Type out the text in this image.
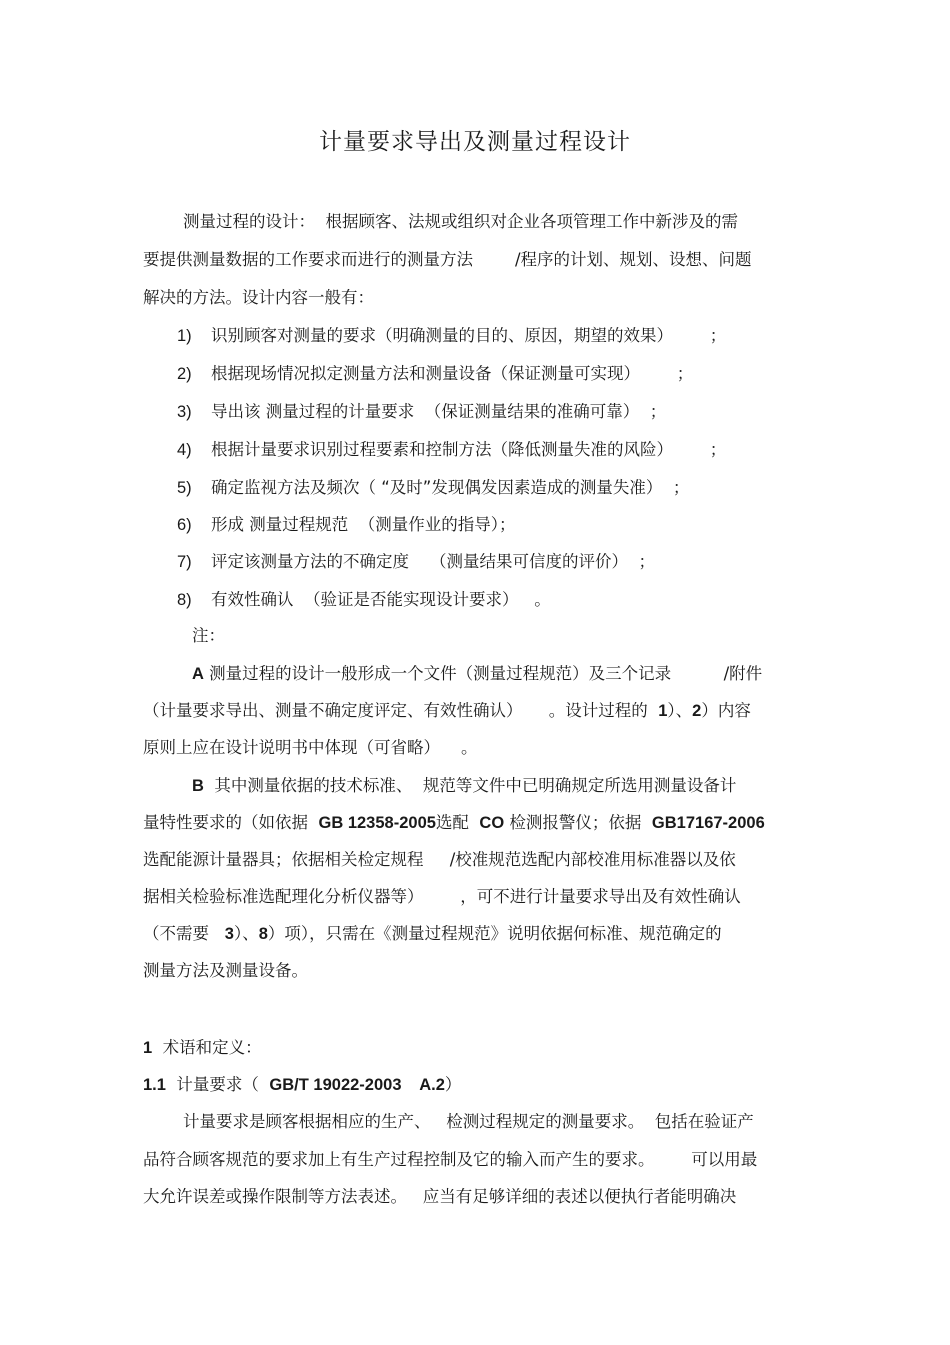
计量要求导出及测量过程设计
测量过程的设计：  根据顾客、法规或组织对企业各项管理工作中新涉及的需
要提供测量数据的工作要求而进行的测量方法        /程序的计划、规划、设想、问题
解决的方法。设计内容一般有：
1) 识别顾客对测量的要求（明确测量的目的、原因，期望的效果）       ；
2) 根据现场情况拟定测量方法和测量设备（保证测量可实现）       ；
3) 导出该 测量过程的计量要求  （保证测量结果的准确可靠）  ；
4) 根据计量要求识别过程要素和控制方法（降低测量失准的风险）       ；
5) 确定监视方法及频次（ “及时”发现偶发因素造成的测量失准）  ；
6) 形成 测量过程规范  （测量作业的指导）；
7) 评定该测量方法的不确定度    （测量结果可信度的评价）  ；
8) 有效性确认  （验证是否能实现设计要求）   。
注：
A 测量过程的设计一般形成一个文件（测量过程规范）及三个记录          /附件
（计量要求导出、测量不确定度评定、有效性确认）     。设计过程的  1）、2）内容
原则上应在设计说明书中体现（可省略）    。
B  其中测量依据的技术标准、  规范等文件中已明确规定所选用测量设备计
量特性要求的（如依据  GB 12358-2005选配  CO 检测报警仪；依据  GB17167-2006
选配能源计量器具；依据相关检定规程     /校准规范选配内部校准用标准器以及依
据相关检验标准选配理化分析仪器等）       ，可不进行计量要求导出及有效性确认
（不需要   3）、8）项），只需在《测量过程规范》说明依据何标准、规范确定的
测量方法及测量设备。
1  术语和定义：
1.1  计量要求（  GB/T 19022-2003    A.2）
计量要求是顾客根据相应的生产、   检测过程规定的测量要求。  包括在验证产
品符合顾客规范的要求加上有生产过程控制及它的输入而产生的要求。       可以用最
大允许误差或操作限制等方法表述。   应当有足够详细的表述以便执行者能明确决
